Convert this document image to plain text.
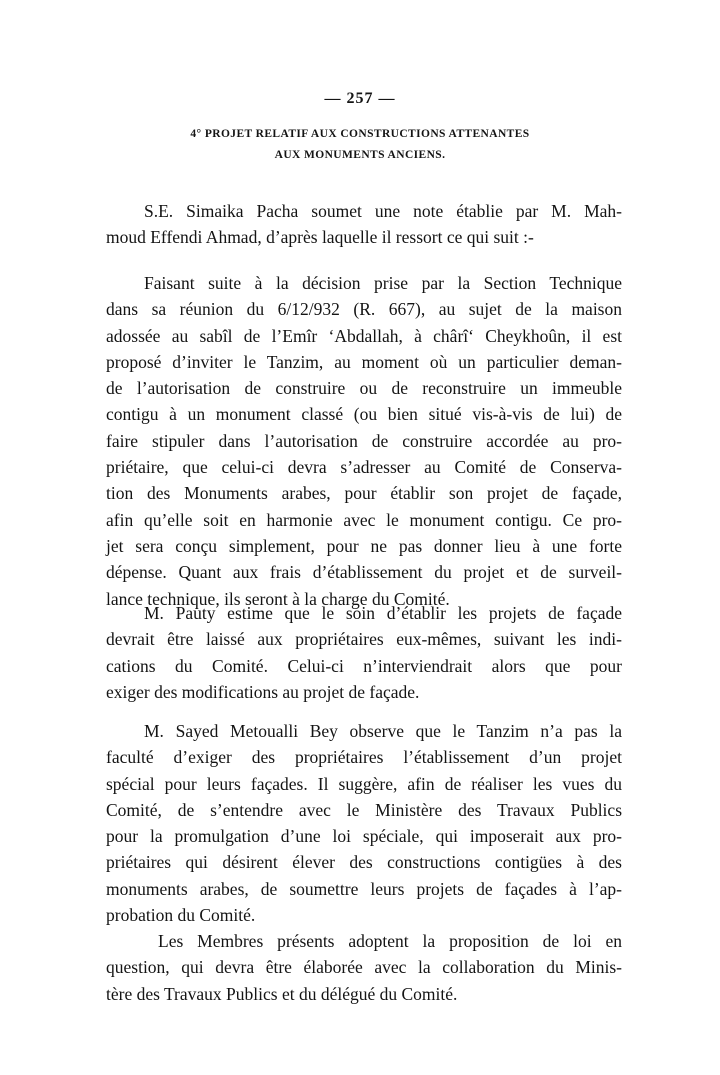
— 257 —
4° PROJET RELATIF AUX CONSTRUCTIONS ATTENANTES
AUX MONUMENTS ANCIENS.
S.E. Simaika Pacha soumet une note établie par M. Mah-
moud Effendi Ahmad, d’après laquelle il ressort ce qui suit :-
Faisant suite à la décision prise par la Section Technique
dans sa réunion du 6/12/932 (R. 667), au sujet de la maison
adossée au sabîl de l’Emîr ‘Abdallah, à chârî‘ Cheykhoûn, il est
proposé d’inviter le Tanzim, au moment où un particulier deman-
de l’autorisation de construire ou de reconstruire un immeuble
contigu à un monument classé (ou bien situé vis-à-vis de lui) de
faire stipuler dans l’autorisation de construire accordée au pro-
priétaire, que celui-ci devra s’adresser au Comité de Conserva-
tion des Monuments arabes, pour établir son projet de façade,
afin qu’elle soit en harmonie avec le monument contigu. Ce pro-
jet sera conçu simplement, pour ne pas donner lieu à une forte
dépense. Quant aux frais d’établissement du projet et de surveil-
lance technique, ils seront à la charge du Comité.
M. Pauty estime que le soin d’établir les projets de façade
devrait être laissé aux propriétaires eux-mêmes, suivant les indi-
cations du Comité. Celui-ci n’interviendrait alors que pour
exiger des modifications au projet de façade.
M. Sayed Metoualli Bey observe que le Tanzim n’a pas la
faculté d’exiger des propriétaires l’établissement d’un projet
spécial pour leurs façades. Il suggère, afin de réaliser les vues du
Comité, de s’entendre avec le Ministère des Travaux Publics
pour la promulgation d’une loi spéciale, qui imposerait aux pro-
priétaires qui désirent élever des constructions contigües à des
monuments arabes, de soumettre leurs projets de façades à l’ap-
probation du Comité.
Les Membres présents adoptent la proposition de loi en
question, qui devra être élaborée avec la collaboration du Minis-
tère des Travaux Publics et du délégué du Comité.
